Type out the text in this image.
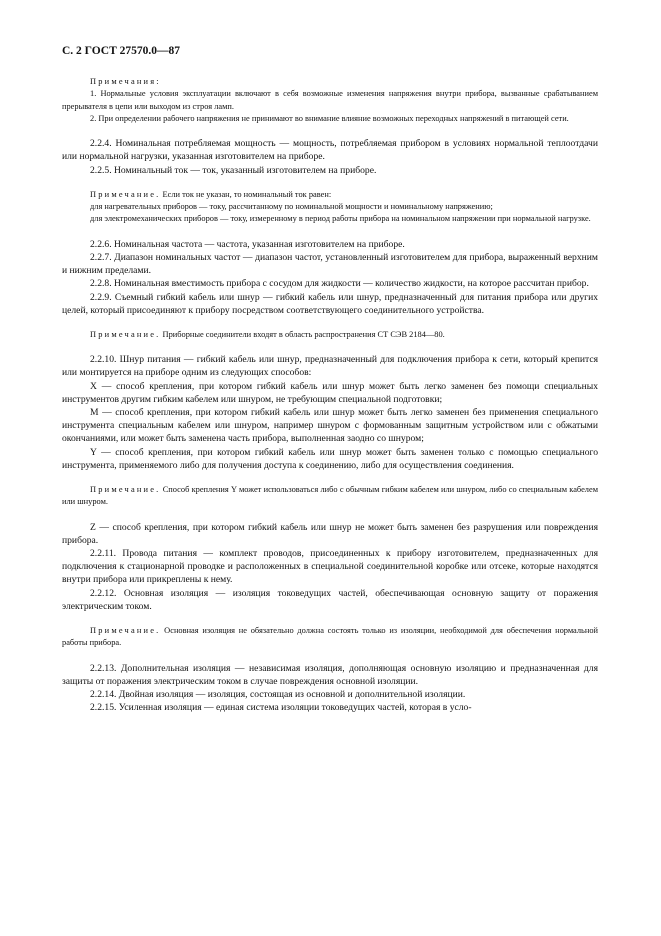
С. 2 ГОСТ 27570.0—87

Примечания:

1. Нормальные условия эксплуатации включают в себя возможные изменения напряжения внутри прибора, вызванные срабатыванием прерывателя в цепи или выходом из строя ламп.

2. При определении рабочего напряжения не принимают во внимание влияние возможных переходных напряжений в питающей сети.

2.2.4. Номинальная потребляемая мощность — мощность, потребляемая прибором в условиях нормальной теплоотдачи или нормальной нагрузки, указанная изготовителем на приборе.

2.2.5. Номинальный ток — ток, указанный изготовителем на приборе.

Примечание. Если ток не указан, то номинальный ток равен:

для нагревательных приборов — току, рассчитанному по номинальной мощности и номинальному напряжению;

для электромеханических приборов — току, измеренному в период работы прибора на номинальном напряжении при нормальной нагрузке.

2.2.6. Номинальная частота — частота, указанная изготовителем на приборе.

2.2.7. Диапазон номинальных частот — диапазон частот, установленный изготовителем для прибора, выраженный верхним и нижним пределами.

2.2.8. Номинальная вместимость прибора с сосудом для жидкости — количество жидкости, на которое рассчитан прибор.

2.2.9. Съемный гибкий кабель или шнур — гибкий кабель или шнур, предназначенный для питания прибора или других целей, который присоединяют к прибору посредством соответствующего соединительного устройства.

Примечание. Приборные соединители входят в область распространения СТ СЭВ 2184—80.

2.2.10. Шнур питания — гибкий кабель или шнур, предназначенный для подключения прибора к сети, который крепится или монтируется на приборе одним из следующих способов:

X — способ крепления, при котором гибкий кабель или шнур может быть легко заменен без помощи специальных инструментов другим гибким кабелем или шнуром, не требующим специальной подготовки;

M — способ крепления, при котором гибкий кабель или шнур может быть легко заменен без применения специального инструмента специальным кабелем или шнуром, например шнуром с формованным защитным устройством или с обжатыми окончаниями, или может быть заменена часть прибора, выполненная заодно со шнуром;

Y — способ крепления, при котором гибкий кабель или шнур может быть заменен только с помощью специального инструмента, применяемого либо для получения доступа к соединению, либо для осуществления соединения.

Примечание. Способ крепления Y может использоваться либо с обычным гибким кабелем или шнуром, либо со специальным кабелем или шнуром.

Z — способ крепления, при котором гибкий кабель или шнур не может быть заменен без разрушения или повреждения прибора.

2.2.11. Провода питания — комплект проводов, присоединенных к прибору изготовителем, предназначенных для подключения к стационарной проводке и расположенных в специальной соединительной коробке или отсеке, которые находятся внутри прибора или прикреплены к нему.

2.2.12. Основная изоляция — изоляция токоведущих частей, обеспечивающая основную защиту от поражения электрическим током.

Примечание. Основная изоляция не обязательно должна состоять только из изоляции, необходимой для обеспечения нормальной работы прибора.

2.2.13. Дополнительная изоляция — независимая изоляция, дополняющая основную изоляцию и предназначенная для защиты от поражения электрическим током в случае повреждения основной изоляции.

2.2.14. Двойная изоляция — изоляция, состоящая из основной и дополнительной изоляции.

2.2.15. Усиленная изоляция — единая система изоляции токоведущих частей, которая в усло-
